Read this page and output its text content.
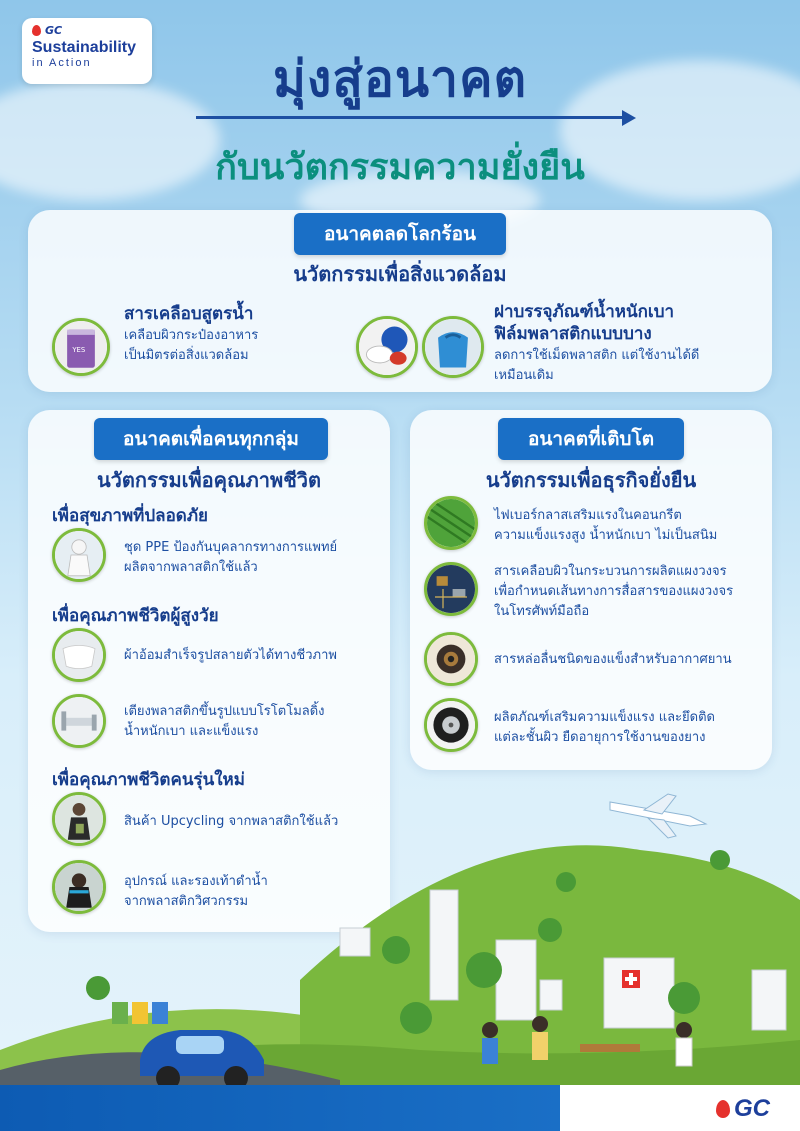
GC
Sustainability
in Action	มุ่งสู่อนาคต
กับนวัตกรรมความยั่งยืน
อนาคตลดโลกร้อน
นวัตกรรมเพื่อสิ่งแวดล้อม
YES
สารเคลือบสูตรน้ำ
เคลือบผิวกระป๋องอาหาร
เป็นมิตรต่อสิ่งแวดล้อม
ฝาบรรจุภัณฑ์น้ำหนักเบา
ฟิล์มพลาสติกแบบบาง
ลดการใช้เม็ดพลาสติก แต่ใช้งานได้ดี
เหมือนเดิม
อนาคตเพื่อคนทุกกลุ่ม
นวัตกรรมเพื่อคุณภาพชีวิต
เพื่อสุขภาพที่ปลอดภัย
ชุด PPE ป้องกันบุคลากรทางการแพทย์
ผลิตจากพลาสติกใช้แล้ว
เพื่อคุณภาพชีวิตผู้สูงวัย
ผ้าอ้อมสำเร็จรูปสลายตัวได้ทางชีวภาพ
เตียงพลาสติกขึ้นรูปแบบโรโตโมลดิ้ง
น้ำหนักเบา และแข็งแรง
เพื่อคุณภาพชีวิตคนรุ่นใหม่
สินค้า Upcycling จากพลาสติกใช้แล้ว
อุปกรณ์ และรองเท้าดำน้ำ
จากพลาสติกวิศวกรรม
อนาคตที่เติบโต
นวัตกรรมเพื่อธุรกิจยั่งยืน
ไฟเบอร์กลาสเสริมแรงในคอนกรีต
ความแข็งแรงสูง น้ำหนักเบา ไม่เป็นสนิม
สารเคลือบผิวในกระบวนการผลิตแผงวงจร
เพื่อกำหนดเส้นทางการสื่อสารของแผงวงจร
ในโทรศัพท์มือถือ
สารหล่อลื่นชนิดของแข็งสำหรับอากาศยาน
ผลิตภัณฑ์เสริมความแข็งแรง และยึดติด
แต่ละชั้นผิว ยืดอายุการใช้งานของยาง
GC
